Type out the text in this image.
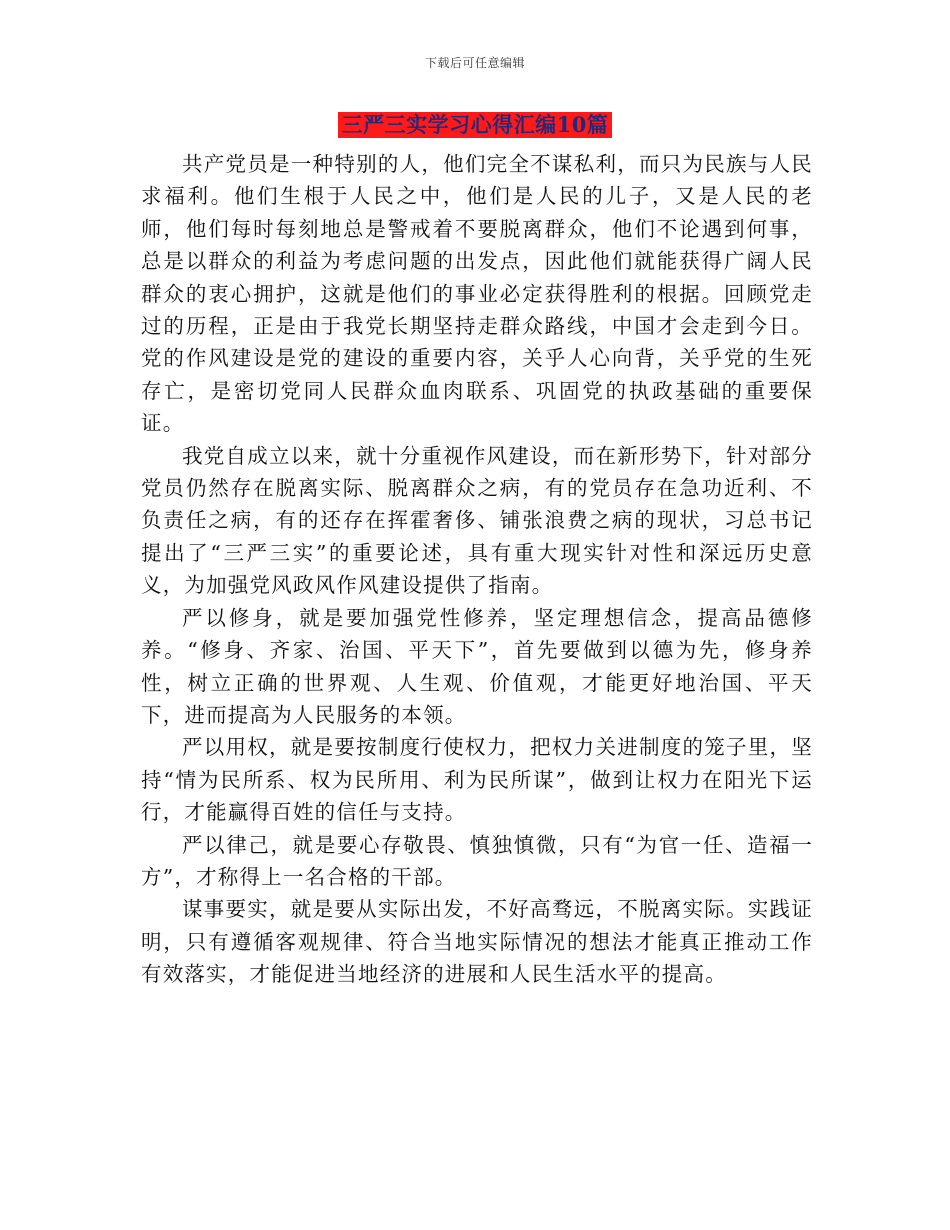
下载后可任意编辑
三严三实学习心得汇编10篇

共产党员是一种特别的人，他们完全不谋私利，而只为民族与人民求福利。他们生根于人民之中，他们是人民的儿子，又是人民的老师，他们每时每刻地总是警戒着不要脱离群众，他们不论遇到何事，总是以群众的利益为考虑问题的出发点，因此他们就能获得广阔人民群众的衷心拥护，这就是他们的事业必定获得胜利的根据。回顾党走过的历程，正是由于我党长期坚持走群众路线，中国才会走到今日。党的作风建设是党的建设的重要内容，关乎人心向背，关乎党的生死存亡，是密切党同人民群众血肉联系、巩固党的执政基础的重要保证。

我党自成立以来，就十分重视作风建设，而在新形势下，针对部分党员仍然存在脱离实际、脱离群众之病，有的党员存在急功近利、不负责任之病，有的还存在挥霍奢侈、铺张浪费之病的现状，习总书记提出了“三严三实”的重要论述，具有重大现实针对性和深远历史意义，为加强党风政风作风建设提供了指南。

严以修身，就是要加强党性修养，坚定理想信念，提高品德修养。“修身、齐家、治国、平天下”，首先要做到以德为先，修身养性，树立正确的世界观、人生观、价值观，才能更好地治国、平天下，进而提高为人民服务的本领。

严以用权，就是要按制度行使权力，把权力关进制度的笼子里，坚持“情为民所系、权为民所用、利为民所谋”，做到让权力在阳光下运行，才能赢得百姓的信任与支持。

严以律己，就是要心存敬畏、慎独慎微，只有“为官一任、造福一方”，才称得上一名合格的干部。

谋事要实，就是要从实际出发，不好高骛远，不脱离实际。实践证明，只有遵循客观规律、符合当地实际情况的想法才能真正推动工作有效落实，才能促进当地经济的进展和人民生活水平的提高。
